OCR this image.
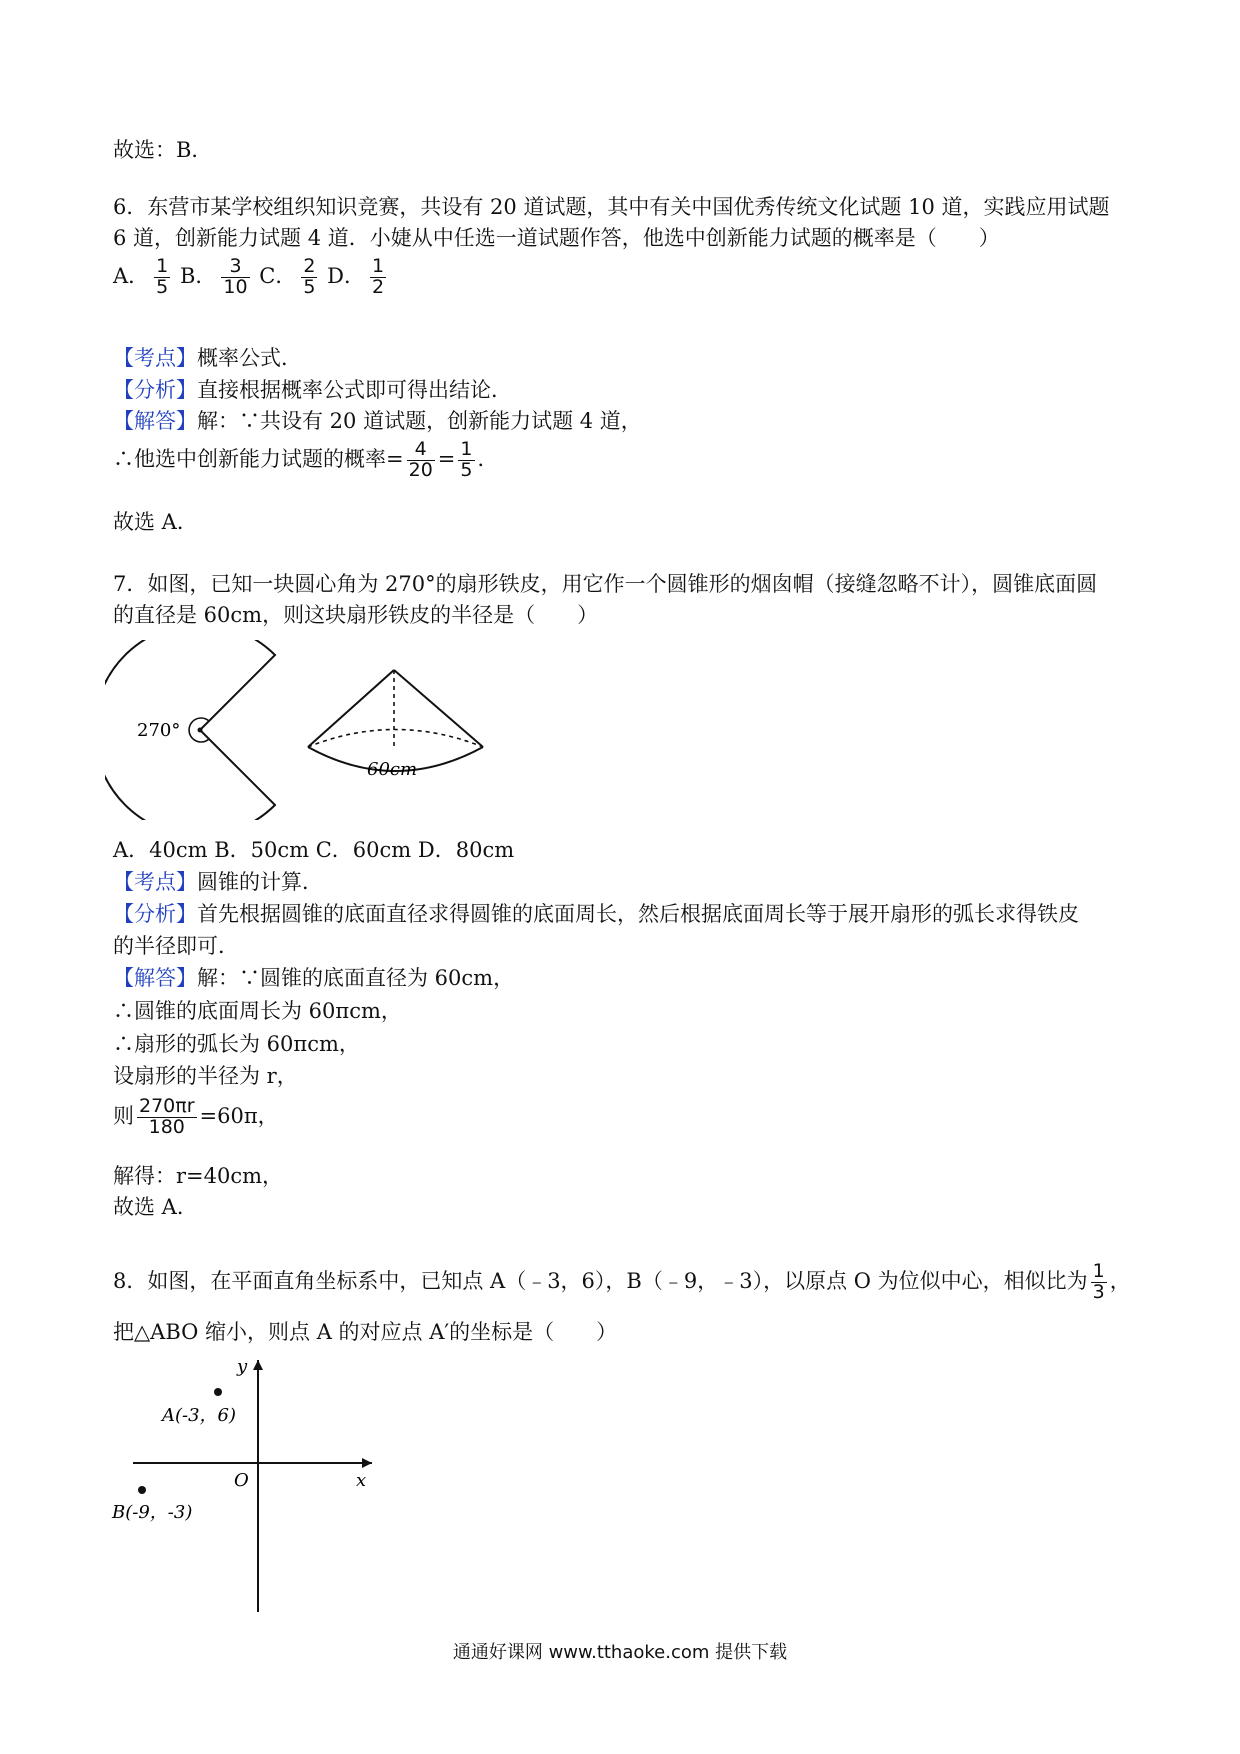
故选：B．
6．东营市某学校组织知识竞赛，共设有 20 道试题，其中有关中国优秀传统文化试题 10 道，实践应用试题
6 道，创新能力试题 4 道．小婕从中任选一道试题作答，他选中创新能力试题的概率是（　　）
A． $\frac{1}{5}$ B． $\frac{3}{10}$ C． $\frac{2}{5}$ D． $\frac{1}{2}$
【考点】概率公式．
【分析】直接根据概率公式即可得出结论．
【解答】解：∵共设有 20 道试题，创新能力试题 4 道，
∴他选中创新能力试题的概率= $\frac{4}{20} = \frac{1}{5}$ ．
故选 A．
7．如图，已知一块圆心角为 270°的扇形铁皮，用它作一个圆锥形的烟囱帽（接缝忽略不计），圆锥底面圆
的直径是 60cm，则这块扇形铁皮的半径是（　　）
270°
60cm
A．40cm B．50cm C．60cm D．80cm
【考点】圆锥的计算．
【分析】首先根据圆锥的底面直径求得圆锥的底面周长，然后根据底面周长等于展开扇形的弧长求得铁皮
的半径即可．
【解答】解：∵圆锥的底面直径为 60cm，
∴圆锥的底面周长为 60πcm，
∴扇形的弧长为 60πcm，
设扇形的半径为 r，
则 $\frac{270\pi r}{180} =60\pi$，
解得：r=40cm，
故选 A．
8．如图，在平面直角坐标系中，已知点 A（﹣3，6），B（﹣9，﹣3），以原点 O 为位似中心，相似比为 $\frac{1}{3}$ ，
把△ABO 缩小，则点 A 的对应点 A′的坐标是（　　）
y
x
O
A(-3，6)
B(-9，-3)
通通好课网 www.tthaoke.com 提供下载
